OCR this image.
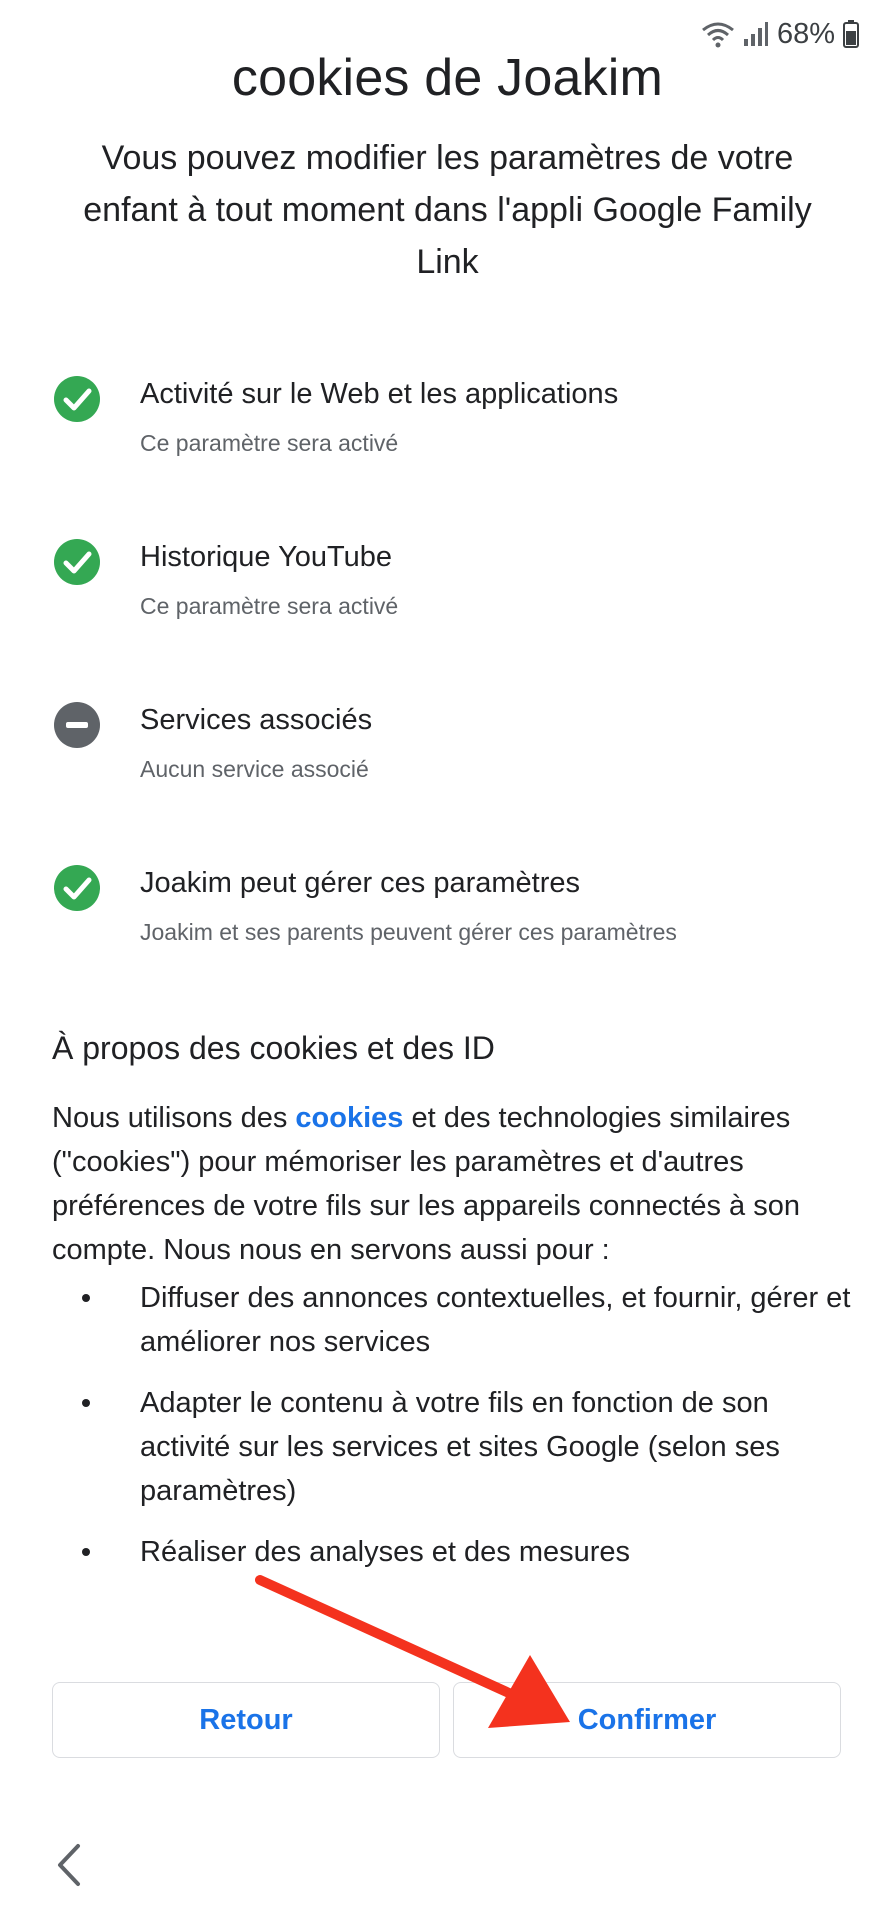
68%
cookies de Joakim
Vous pouvez modifier les paramètres de votre enfant à tout moment dans l'appli Google Family Link
Activité sur le Web et les applications
Ce paramètre sera activé
Historique YouTube
Ce paramètre sera activé
Services associés
Aucun service associé
Joakim peut gérer ces paramètres
Joakim et ses parents peuvent gérer ces paramètres
À propos des cookies et des ID
Nous utilisons des cookies et des technologies similaires ("cookies") pour mémoriser les paramètres et d'autres préférences de votre fils sur les appareils connectés à son compte. Nous nous en servons aussi pour :
Diffuser des annonces contextuelles, et fournir, gérer et améliorer nos services
Adapter le contenu à votre fils en fonction de son activité sur les services et sites Google (selon ses paramètres)
Réaliser des analyses et des mesures
Retour	Confirmer
